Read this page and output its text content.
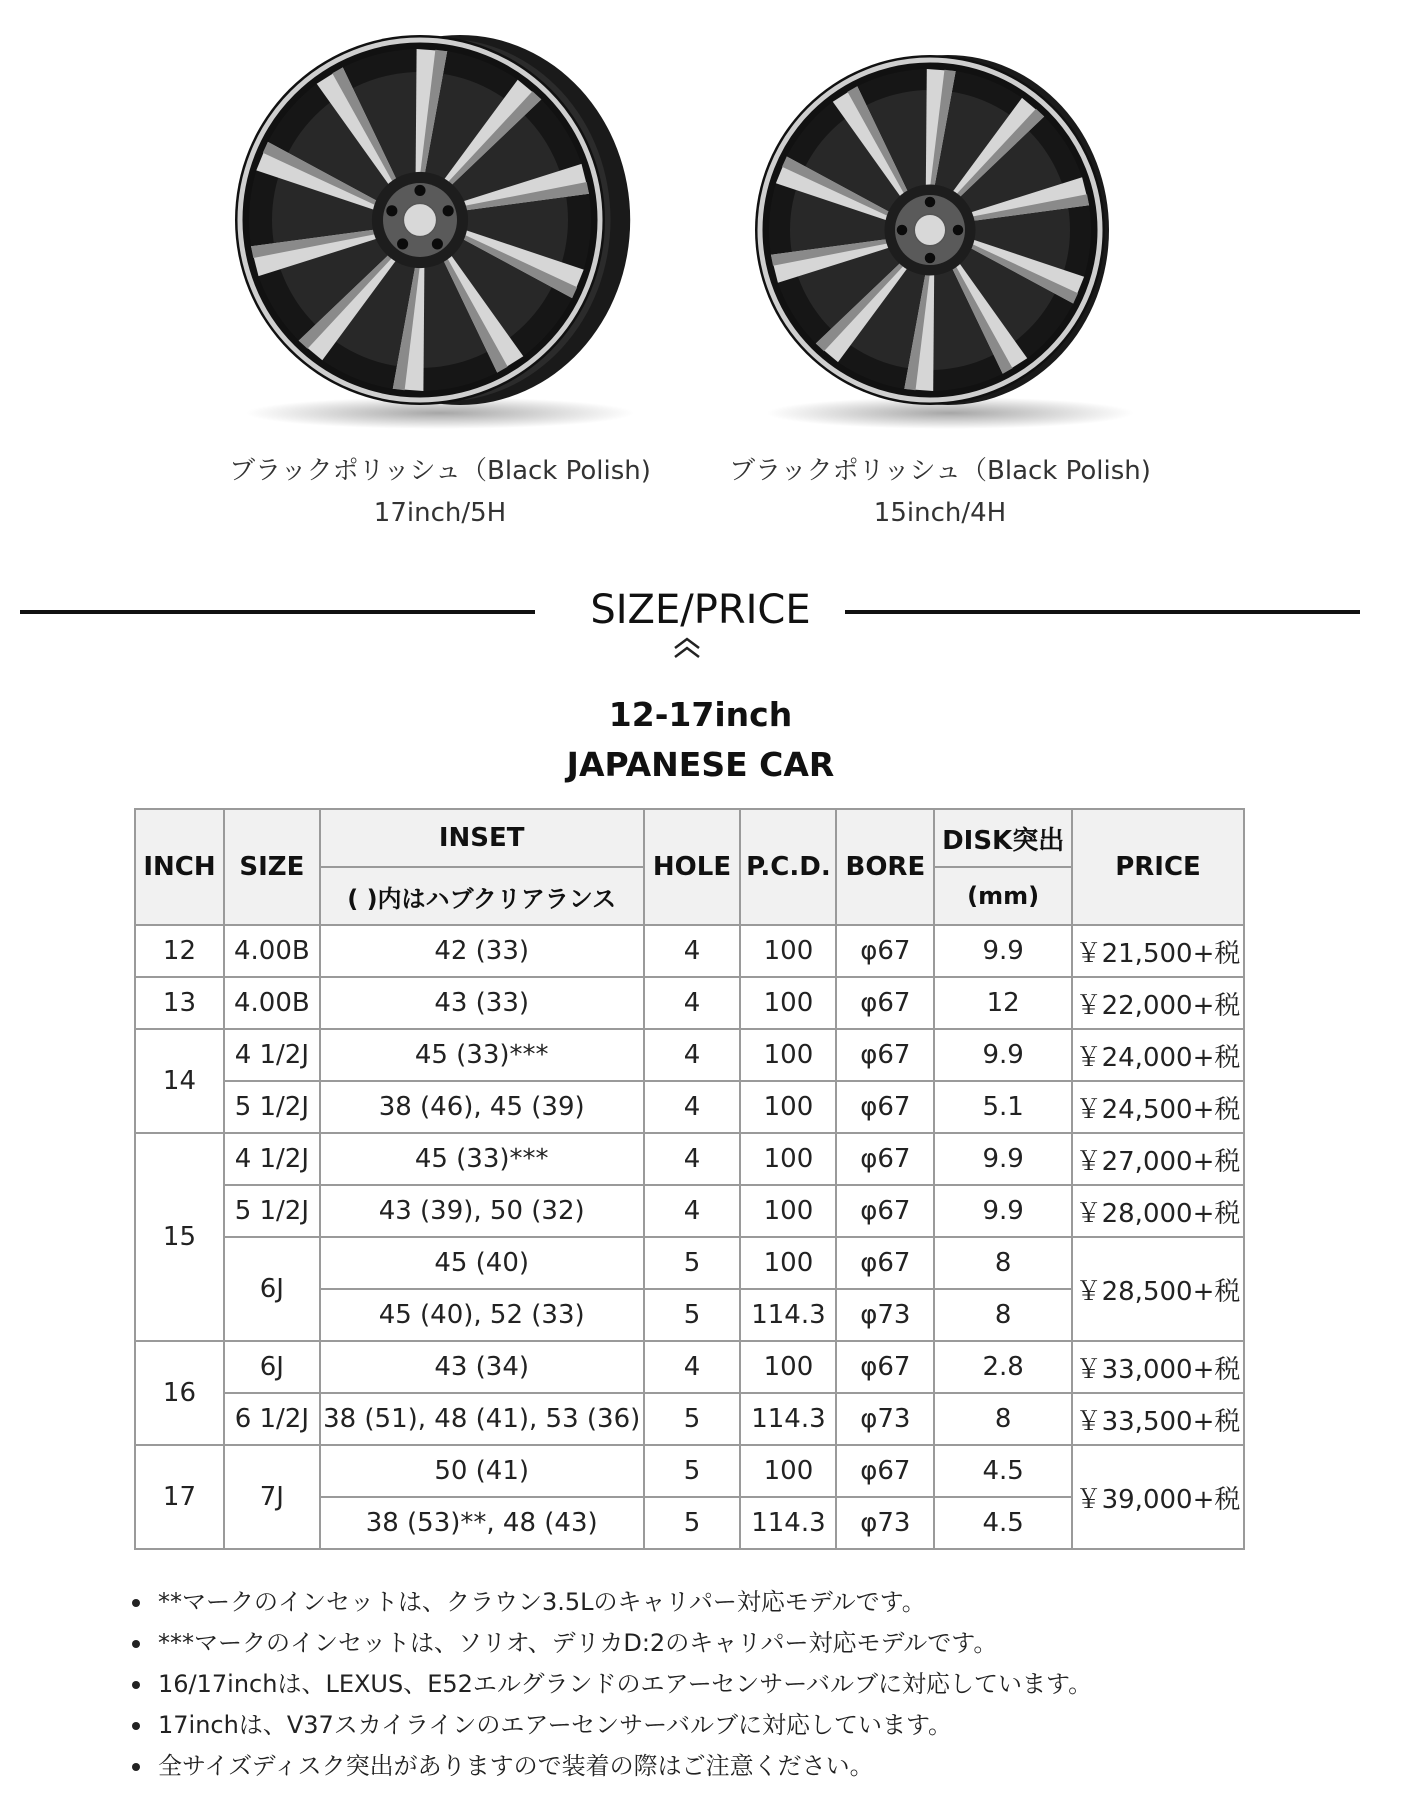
ブラックポリッシュ（Black Polish)
17inch/5H
ブラックポリッシュ（Black Polish)
15inch/4H
SIZE/PRICE
12-17inch
JAPANESE CAR
INCH	SIZE	INSET	HOLE	P.C.D.	BORE	DISK突出	PRICE
		( )内はハブクリアランス				(mm)	
12	4.00B	42 (33)	4	100	φ67	9.9	￥21,500+税
13	4.00B	43 (33)	4	100	φ67	12	￥22,000+税
14	4 1/2J	45 (33)***	4	100	φ67	9.9	￥24,000+税
	5 1/2J	38 (46), 45 (39)	4	100	φ67	5.1	￥24,500+税
15	4 1/2J	45 (33)***	4	100	φ67	9.9	￥27,000+税
	5 1/2J	43 (39), 50 (32)	4	100	φ67	9.9	￥28,000+税
	6J	45 (40)	5	100	φ67	8	￥28,500+税
		45 (40), 52 (33)	5	114.3	φ73	8	
16	6J	43 (34)	4	100	φ67	2.8	￥33,000+税
	6 1/2J	38 (51), 48 (41), 53 (36)	5	114.3	φ73	8	￥33,500+税
17	7J	50 (41)	5	100	φ67	4.5	￥39,000+税
		38 (53)**, 48 (43)	5	114.3	φ73	4.5	
**マークのインセットは、クラウン3.5Lのキャリパー対応モデルです。
***マークのインセットは、ソリオ、デリカD:2のキャリパー対応モデルです。
16/17inchは、LEXUS、E52エルグランドのエアーセンサーバルブに対応しています。
17inchは、V37スカイラインのエアーセンサーバルブに対応しています。
全サイズディスク突出がありますので装着の際はご注意ください。
